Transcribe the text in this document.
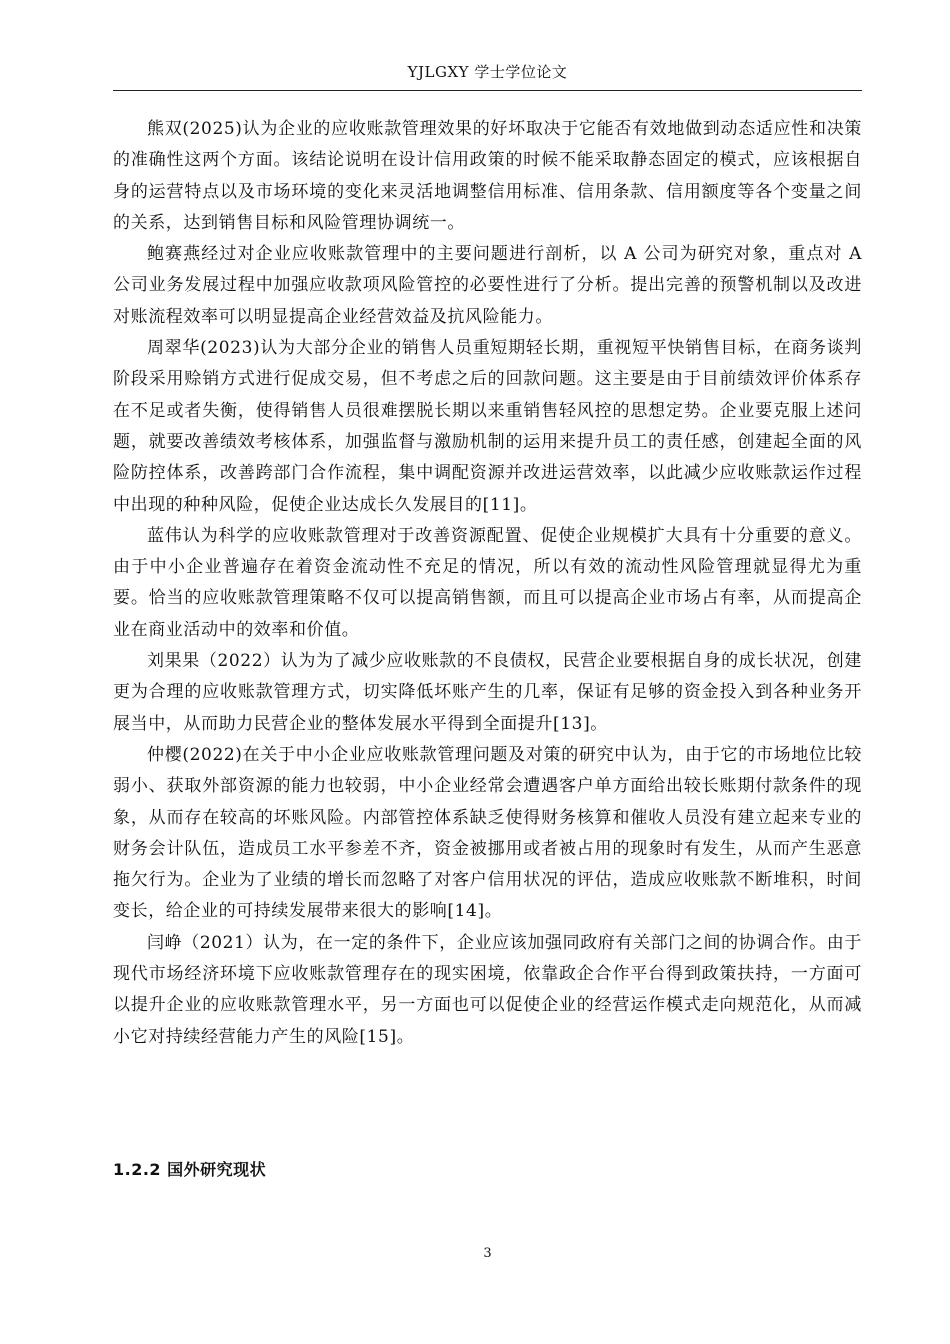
YJLGXY 学士学位论文

熊双(2025)认为企业的应收账款管理效果的好坏取决于它能否有效地做到动态适应性和决策的准确性这两个方面。该结论说明在设计信用政策的时候不能采取静态固定的模式，应该根据自身的运营特点以及市场环境的变化来灵活地调整信用标准、信用条款、信用额度等各个变量之间的关系，达到销售目标和风险管理协调统一。

鲍赛燕经过对企业应收账款管理中的主要问题进行剖析，以 A 公司为研究对象，重点对 A 公司业务发展过程中加强应收款项风险管控的必要性进行了分析。提出完善的预警机制以及改进对账流程效率可以明显提高企业经营效益及抗风险能力。

周翠华(2023)认为大部分企业的销售人员重短期轻长期，重视短平快销售目标，在商务谈判阶段采用赊销方式进行促成交易，但不考虑之后的回款问题。这主要是由于目前绩效评价体系存在不足或者失衡，使得销售人员很难摆脱长期以来重销售轻风控的思想定势。企业要克服上述问题，就要改善绩效考核体系，加强监督与激励机制的运用来提升员工的责任感，创建起全面的风险防控体系，改善跨部门合作流程，集中调配资源并改进运营效率，以此减少应收账款运作过程中出现的种种风险，促使企业达成长久发展目的[11]。

蓝伟认为科学的应收账款管理对于改善资源配置、促使企业规模扩大具有十分重要的意义。由于中小企业普遍存在着资金流动性不充足的情况，所以有效的流动性风险管理就显得尤为重要。恰当的应收账款管理策略不仅可以提高销售额，而且可以提高企业市场占有率，从而提高企业在商业活动中的效率和价值。

刘果果（2022）认为为了减少应收账款的不良债权，民营企业要根据自身的成长状况，创建更为合理的应收账款管理方式，切实降低坏账产生的几率，保证有足够的资金投入到各种业务开展当中，从而助力民营企业的整体发展水平得到全面提升[13]。

仲樱(2022)在关于中小企业应收账款管理问题及对策的研究中认为，由于它的市场地位比较弱小、获取外部资源的能力也较弱，中小企业经常会遭遇客户单方面给出较长账期付款条件的现象，从而存在较高的坏账风险。内部管控体系缺乏使得财务核算和催收人员没有建立起来专业的财务会计队伍，造成员工水平参差不齐，资金被挪用或者被占用的现象时有发生，从而产生恶意拖欠行为。企业为了业绩的增长而忽略了对客户信用状况的评估，造成应收账款不断堆积，时间变长，给企业的可持续发展带来很大的影响[14]。

闫峥（2021）认为，在一定的条件下，企业应该加强同政府有关部门之间的协调合作。由于现代市场经济环境下应收账款管理存在的现实困境，依靠政企合作平台得到政策扶持，一方面可以提升企业的应收账款管理水平，另一方面也可以促使企业的经营运作模式走向规范化，从而减小它对持续经营能力产生的风险[15]。

1.2.2 国外研究现状
3
